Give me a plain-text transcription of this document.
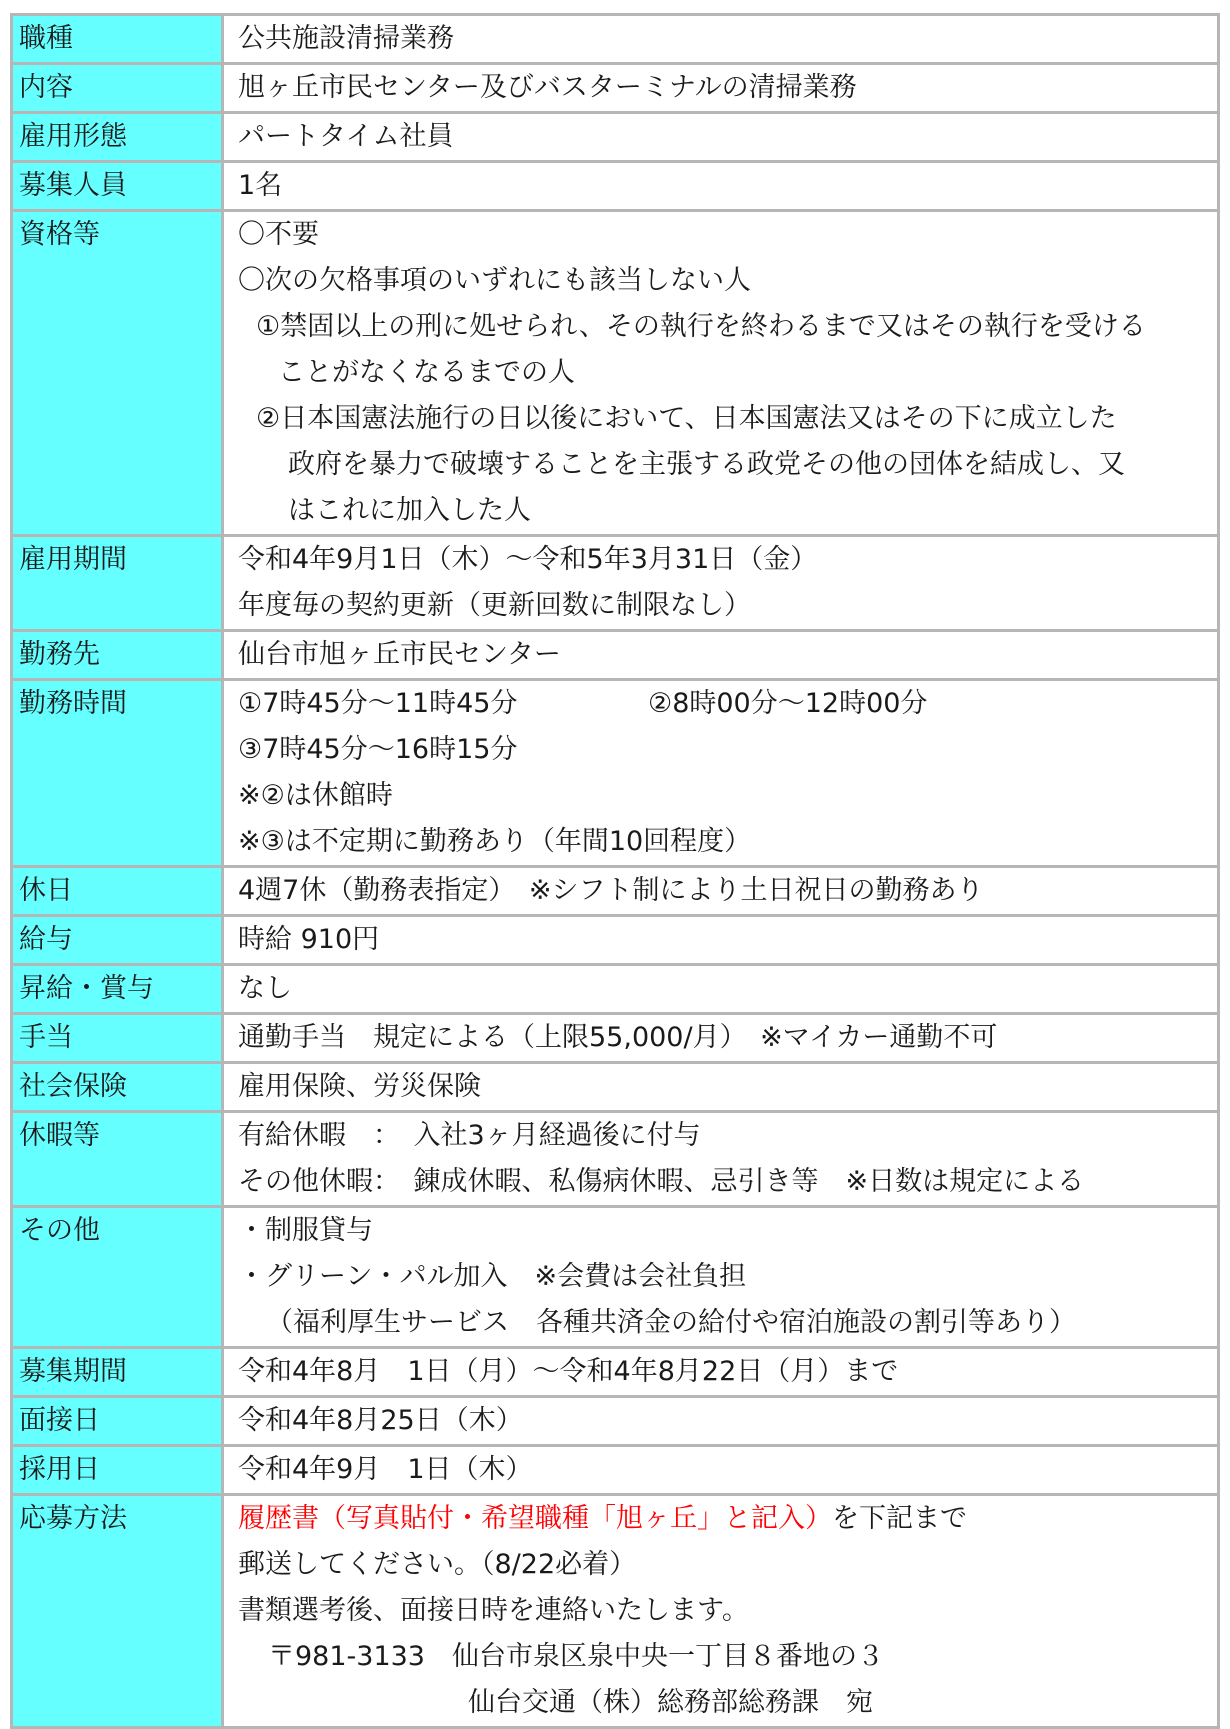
職種	公共施設清掃業務
内容	旭ヶ丘市民センター及びバスターミナルの清掃業務
雇用形態	パートタイム社員
募集人員	1名
資格等	〇不要
〇次の欠格事項のいずれにも該当しない人
①禁固以上の刑に処せられ、その執行を終わるまで又はその執行を受ける
ことがなくなるまでの人
②日本国憲法施行の日以後において、日本国憲法又はその下に成立した
政府を暴力で破壊することを主張する政党その他の団体を結成し、又
はこれに加入した人
雇用期間	令和4年9月1日（木）～令和5年3月31日（金）
年度毎の契約更新（更新回数に制限なし）
勤務先	仙台市旭ヶ丘市民センター
勤務時間	①7時45分～11時45分	②8時00分～12時00分
③7時45分～16時15分
※②は休館時
※③は不定期に勤務あり（年間10回程度）
休日	4週7休（勤務表指定）　※シフト制により土日祝日の勤務あり
給与	時給 910円
昇給・賞与	なし
手当	通勤手当　規定による（上限55,000/月）　※マイカー通勤不可
社会保険	雇用保険、労災保険
休暇等	有給休暇　：　入社3ヶ月経過後に付与
その他休暇：　錬成休暇、私傷病休暇、忌引き等　※日数は規定による
その他	・制服貸与
・グリーン・パル加入　※会費は会社負担
（福利厚生サービス　各種共済金の給付や宿泊施設の割引等あり）
募集期間	令和4年8月　1日（月）～令和4年8月22日（月）まで
面接日	令和4年8月25日（木）
採用日	令和4年9月　1日（木）
応募方法	履歴書（写真貼付・希望職種「旭ヶ丘」と記入）を下記まで
郵送してください。（8/22必着）
書類選考後、面接日時を連絡いたします。
〒981-3133　仙台市泉区泉中央一丁目８番地の３
仙台交通（株）総務部総務課　宛
